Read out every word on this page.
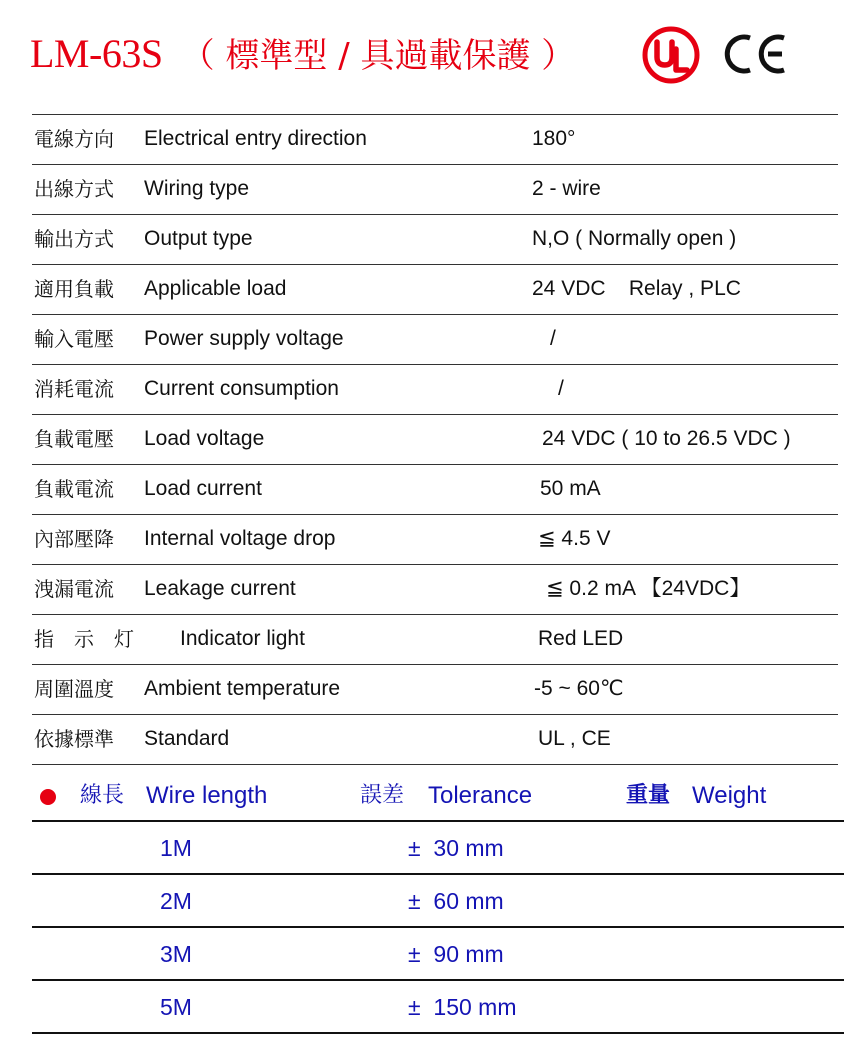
LM-63S （ 標準型 / 具過載保護 ）
電線方向 Electrical entry direction	180°
出線方式 Wiring type	2 - wire
輸出方式 Output type	N,O ( Normally open )
適用負載 Applicable load	24 VDC    Relay , PLC
輸入電壓 Power supply voltage	/
消耗電流 Current consumption	/
負載電壓 Load voltage	24 VDC ( 10 to 26.5 VDC )
負載電流 Load current	50 mA
內部壓降 Internal voltage drop	≦ 4.5 V
洩漏電流 Leakage current	≦ 0.2 mA 【24VDC】
指　示　灯 Indicator light	Red LED
周圍溫度 Ambient temperature	-5 ~ 60℃
依據標準 Standard	UL , CE
線長 Wire length	誤差 Tolerance	重量 Weight
1M	±  30 mm
2M	±  60 mm
3M	±  90 mm
5M	±  150 mm
